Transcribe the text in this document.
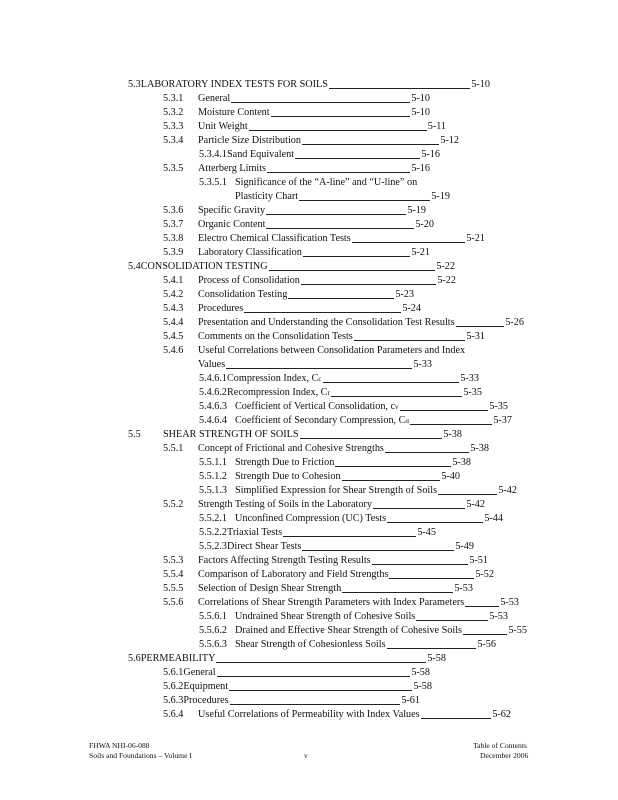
5.3 LABORATORY INDEX TESTS FOR SOILS	5-10
5.3.1	General	5-10
5.3.2	Moisture Content	5-10
5.3.3	Unit Weight	5-11
5.3.4	Particle Size Distribution	5-12
5.3.4.1 Sand Equivalent	5-16
5.3.5	Atterberg Limits	5-16
5.3.5.1 Significance of the “A-line” and “U-line” on
Plasticity Chart	5-19
5.3.6	Specific Gravity	5-19
5.3.7	Organic Content	5-20
5.3.8	Electro Chemical Classification Tests	5-21
5.3.9	Laboratory Classification	5-21
5.4 CONSOLIDATION TESTING	5-22
5.4.1	Process of Consolidation	5-22
5.4.2	Consolidation Testing	5-23
5.4.3	Procedures	5-24
5.4.4	Presentation and Understanding the Consolidation Test Results	5-26
5.4.5	Comments on the Consolidation Tests	5-31
5.4.6 Useful Correlations between Consolidation Parameters and Index
Values	5-33
5.4.6.1 Compression Index, C c	5-33
5.4.6.2 Recompression Index, C r	5-35
5.4.6.3 Coefficient of Vertical Consolidation, c v	5-35
5.4.6.4 Coefficient of Secondary Compression, C α	5-37
5.5	SHEAR STRENGTH OF SOILS	5-38
5.5.1	Concept of Frictional and Cohesive Strengths	5-38
5.5.1.1 Strength Due to Friction	5-38
5.5.1.2 Strength Due to Cohesion	5-40
5.5.1.3 Simplified Expression for Shear Strength of Soils	5-42
5.5.2	Strength Testing of Soils in the Laboratory	5-42
5.5.2.1 Unconfined Compression (UC) Tests	5-44
5.5.2.2 Triaxial Tests	5-45
5.5.2.3 Direct Shear Tests	5-49
5.5.3	Factors Affecting Strength Testing Results	5-51
5.5.4	Comparison of Laboratory and Field Strengths	5-52
5.5.5	Selection of Design Shear Strength	5-53
5.5.6	Correlations of Shear Strength Parameters with Index Parameters	5-53
5.5.6.1 Undrained Shear Strength of Cohesive Soils	5-53
5.5.6.2 Drained and Effective Shear Strength of Cohesive Soils	5-55
5.5.6.3 Shear Strength of Cohesionless Soils	5-56
5.6 PERMEABILITY	5-58
5.6.1 General	5-58
5.6.2 Equipment	5-58
5.6.3 Procedures	5-61
5.6.4	Useful Correlations of Permeability with Index Values	5-62
FHWA NHI-06-088
Soils and Foundations – Volume I	v
Table of Contents
December 2006
